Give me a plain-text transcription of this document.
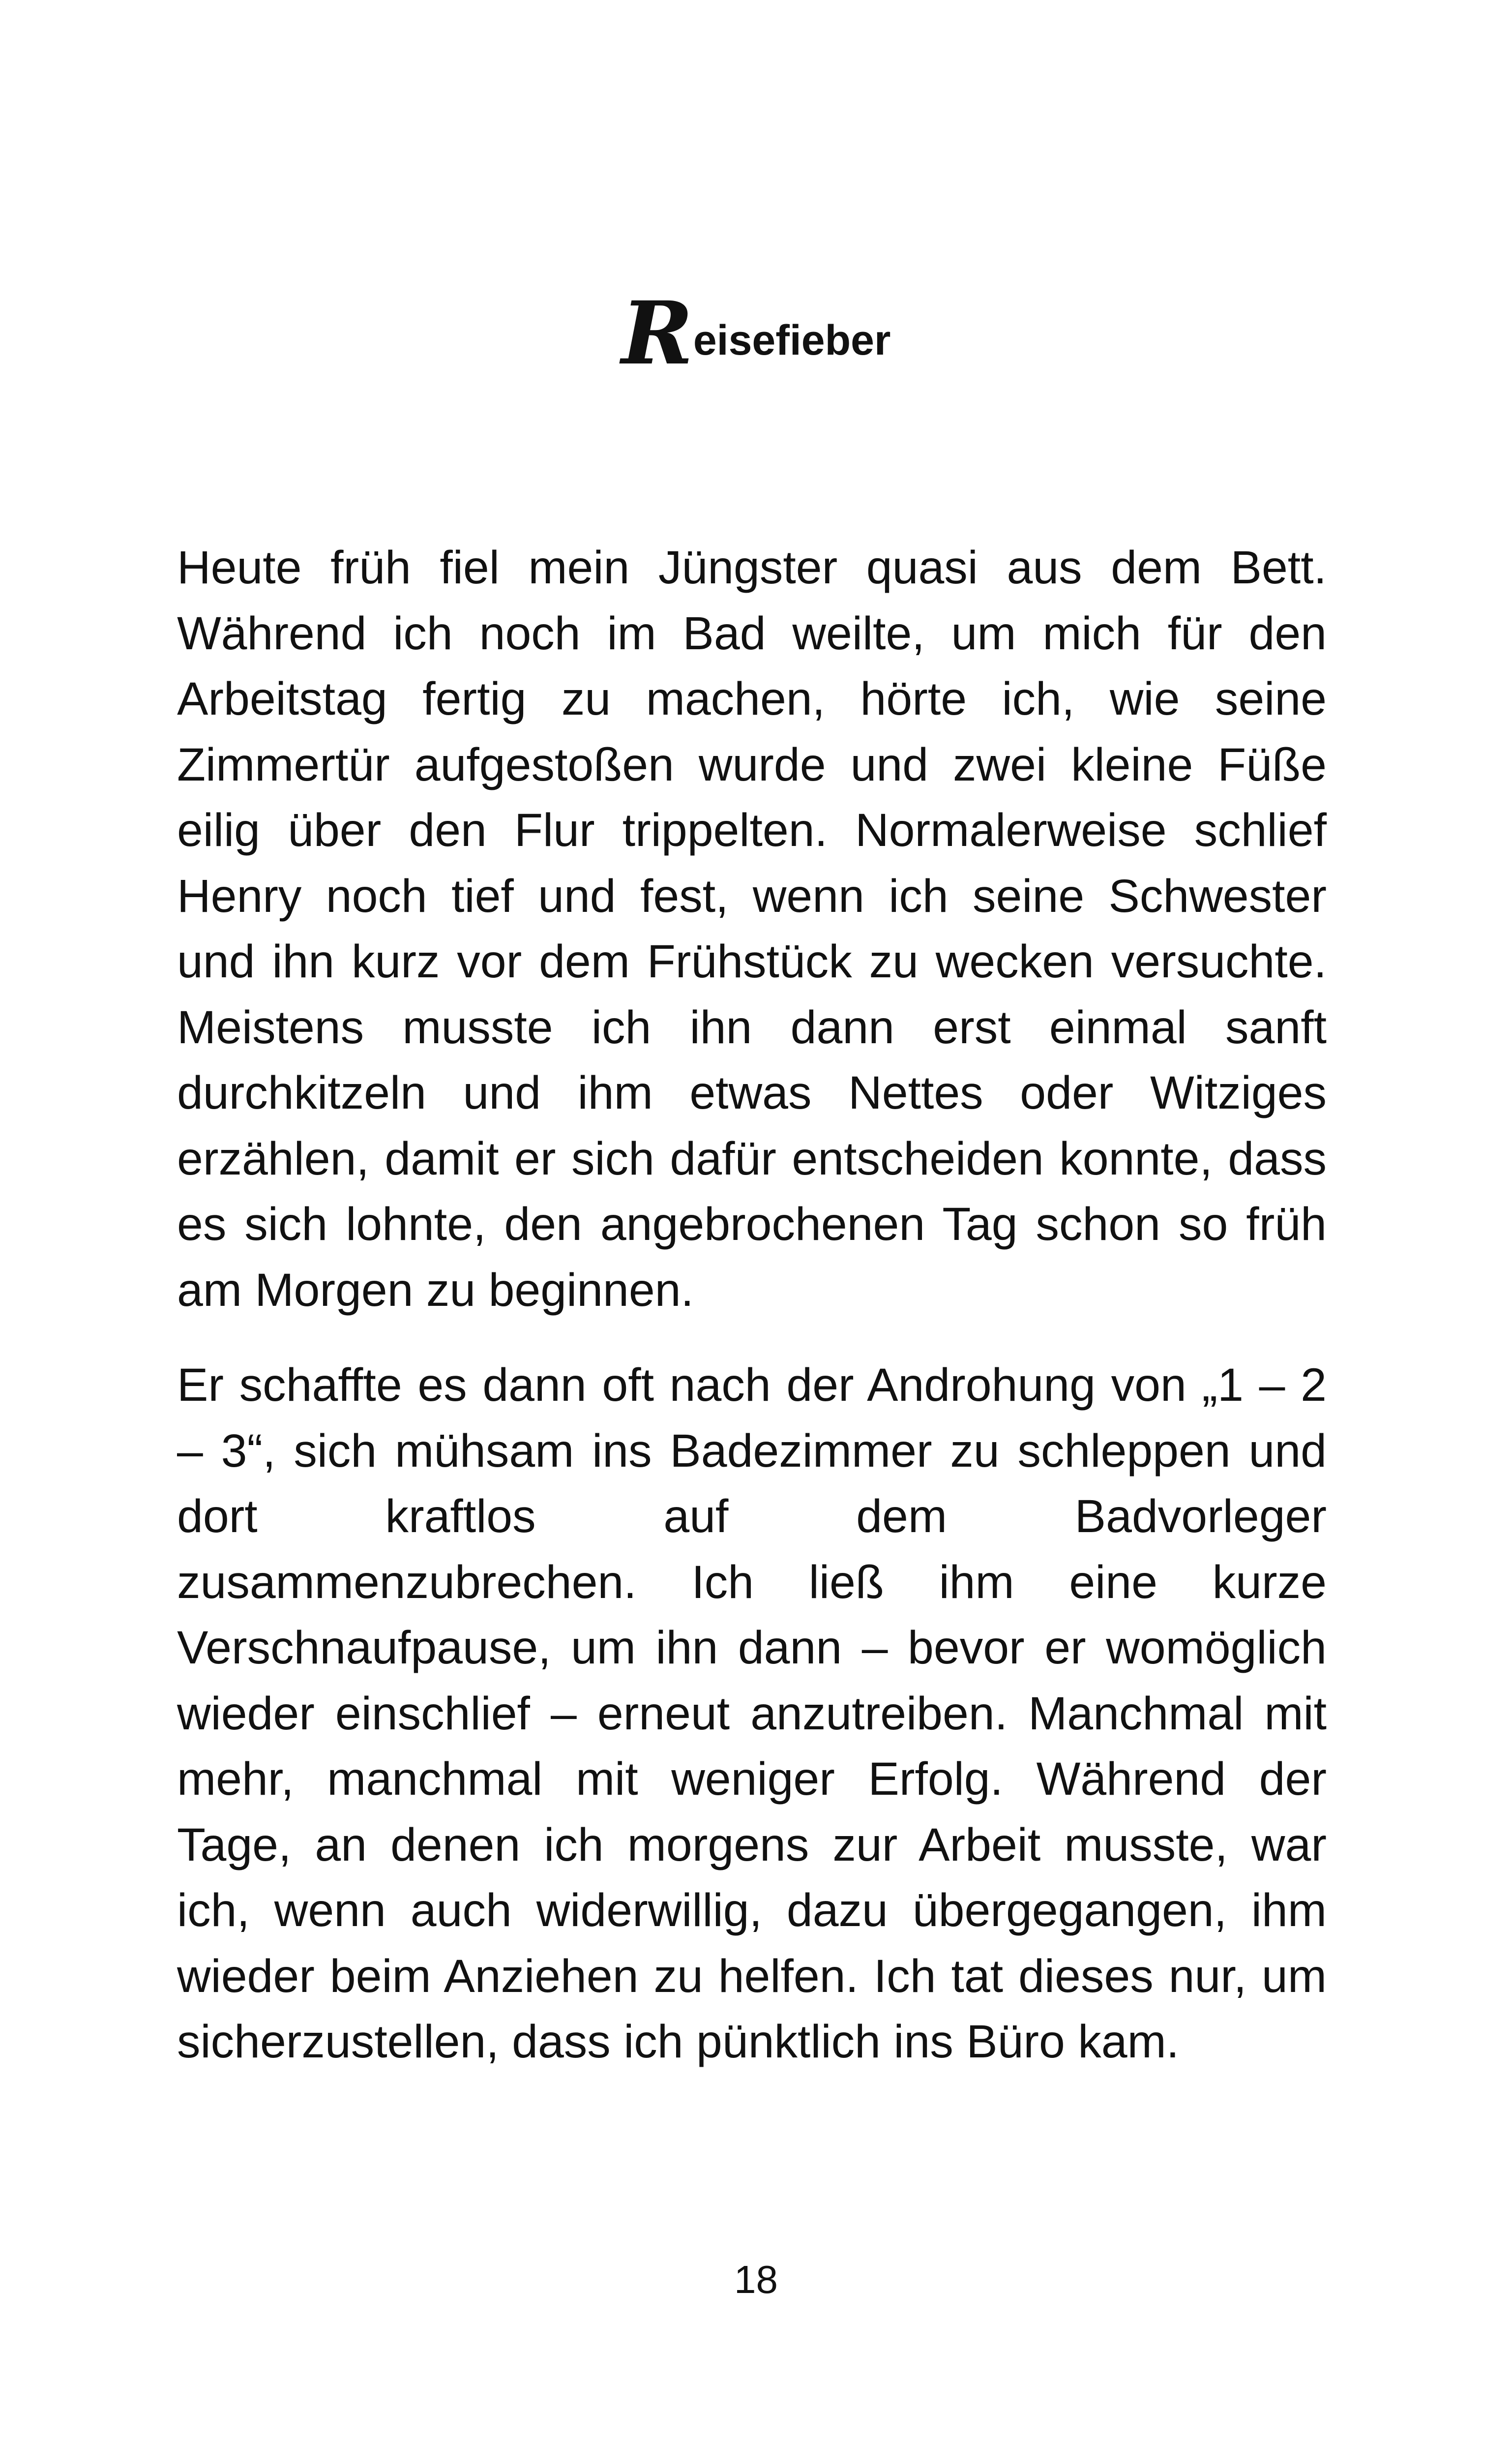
Reisefieber

Heute früh fiel mein Jüngster quasi aus dem Bett. Während ich noch im Bad weilte, um mich für den Arbeitstag fertig zu machen, hörte ich, wie seine Zimmertür aufgestoßen wurde und zwei kleine Füße eilig über den Flur trippelten. Normalerweise schlief Henry noch tief und fest, wenn ich seine Schwester und ihn kurz vor dem Frühstück zu wecken versuchte. Meistens musste ich ihn dann erst einmal sanft durchkitzeln und ihm etwas Nettes oder Witziges erzählen, damit er sich dafür entscheiden konnte, dass es sich lohnte, den angebrochenen Tag schon so früh am Morgen zu beginnen.

Er schaffte es dann oft nach der Androhung von „1 – 2 – 3“, sich mühsam ins Badezimmer zu schleppen und dort kraftlos auf dem Badvorleger zusammenzubrechen. Ich ließ ihm eine kurze Verschnaufpause, um ihn dann – bevor er womöglich wieder einschlief – erneut anzutreiben. Manchmal mit mehr, manchmal mit weniger Erfolg. Während der Tage, an denen ich morgens zur Arbeit musste, war ich, wenn auch widerwillig, dazu übergegangen, ihm wieder beim Anziehen zu helfen. Ich tat dieses nur, um sicherzustellen, dass ich pünktlich ins Büro kam.

18
